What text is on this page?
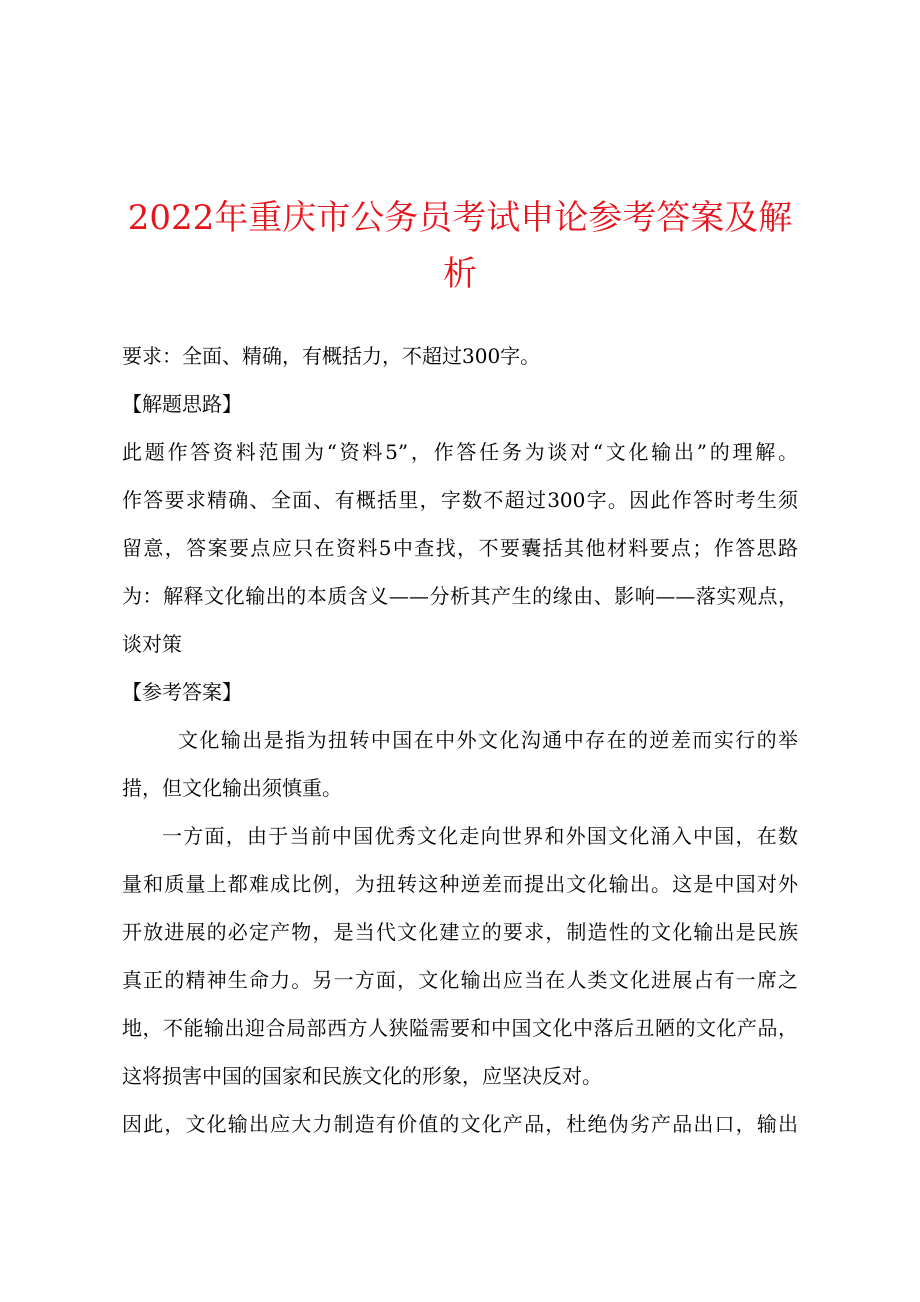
2022年重庆市公务员考试申论参考答案及解
析
要求：全面、精确，有概括力，不超过300字。
【解题思路】
此题作答资料范围为“资料5”，作答任务为谈对“文化输出”的理解。
作答要求精确、全面、有概括里，字数不超过300字。因此作答时考生须
留意，答案要点应只在资料5中查找，不要囊括其他材料要点；作答思路
为：解释文化输出的本质含义——分析其产生的缘由、影响——落实观点，
谈对策
【参考答案】
文化输出是指为扭转中国在中外文化沟通中存在的逆差而实行的举
措，但文化输出须慎重。
一方面，由于当前中国优秀文化走向世界和外国文化涌入中国，在数
量和质量上都难成比例，为扭转这种逆差而提出文化输出。这是中国对外
开放进展的必定产物，是当代文化建立的要求，制造性的文化输出是民族
真正的精神生命力。另一方面，文化输出应当在人类文化进展占有一席之
地，不能输出迎合局部西方人狭隘需要和中国文化中落后丑陋的文化产品，
这将损害中国的国家和民族文化的形象，应坚决反对。
因此，文化输出应大力制造有价值的文化产品，杜绝伪劣产品出口，输出
